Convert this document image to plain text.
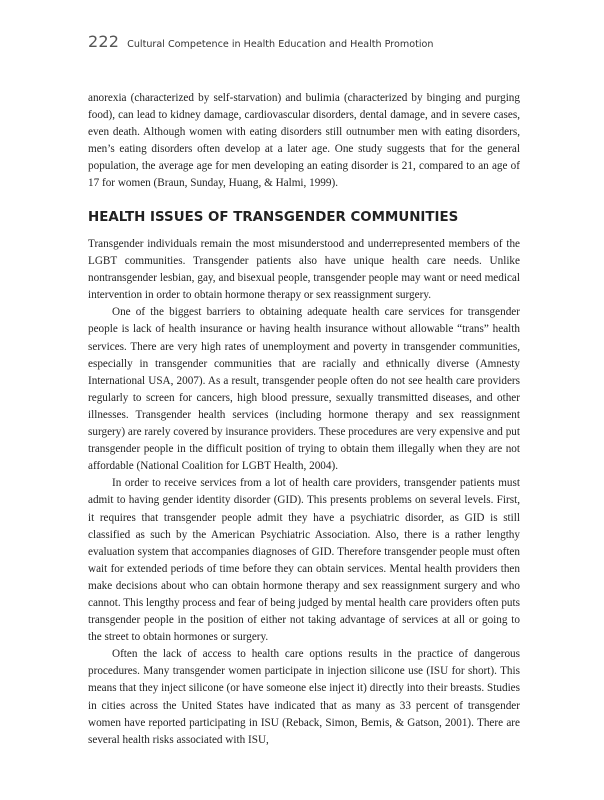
222 Cultural Competence in Health Education and Health Promotion

anorexia (characterized by self-starvation) and bulimia (characterized by binging and purging food), can lead to kidney damage, cardiovascular disorders, dental damage, and in severe cases, even death. Although women with eating disorders still outnumber men with eating disorders, men’s eating disorders often develop at a later age. One study suggests that for the general population, the average age for men developing an eating disorder is 21, compared to an age of 17 for women (Braun, Sunday, Huang, & Halmi, 1999).

HEALTH ISSUES OF TRANSGENDER COMMUNITIES

Transgender individuals remain the most misunderstood and underrepresented members of the LGBT communities. Transgender patients also have unique health care needs. Unlike nontransgender lesbian, gay, and bisexual people, transgender people may want or need medical intervention in order to obtain hormone therapy or sex reassignment surgery.

One of the biggest barriers to obtaining adequate health care services for transgender people is lack of health insurance or having health insurance without allowable “trans” health services. There are very high rates of unemployment and poverty in transgender communities, especially in transgender communities that are racially and ethnically diverse (Amnesty International USA, 2007). As a result, transgender people often do not see health care providers regularly to screen for cancers, high blood pressure, sexually transmitted diseases, and other illnesses. Transgender health services (including hormone therapy and sex reassignment surgery) are rarely covered by insurance providers. These procedures are very expensive and put transgender people in the difficult position of trying to obtain them illegally when they are not affordable (National Coalition for LGBT Health, 2004).

In order to receive services from a lot of health care providers, transgender patients must admit to having gender identity disorder (GID). This presents problems on several levels. First, it requires that transgender people admit they have a psychiatric disorder, as GID is still classified as such by the American Psychiatric Association. Also, there is a rather lengthy evaluation system that accompanies diagnoses of GID. Therefore transgender people must often wait for extended periods of time before they can obtain services. Mental health providers then make decisions about who can obtain hormone therapy and sex reassignment surgery and who cannot. This lengthy process and fear of being judged by mental health care providers often puts transgender people in the position of either not taking advantage of services at all or going to the street to obtain hormones or surgery.

Often the lack of access to health care options results in the practice of dangerous procedures. Many transgender women participate in injection silicone use (ISU for short). This means that they inject silicone (or have someone else inject it) directly into their breasts. Studies in cities across the United States have indicated that as many as 33 percent of transgender women have reported participating in ISU (Reback, Simon, Bemis, & Gatson, 2001). There are several health risks associated with ISU,
